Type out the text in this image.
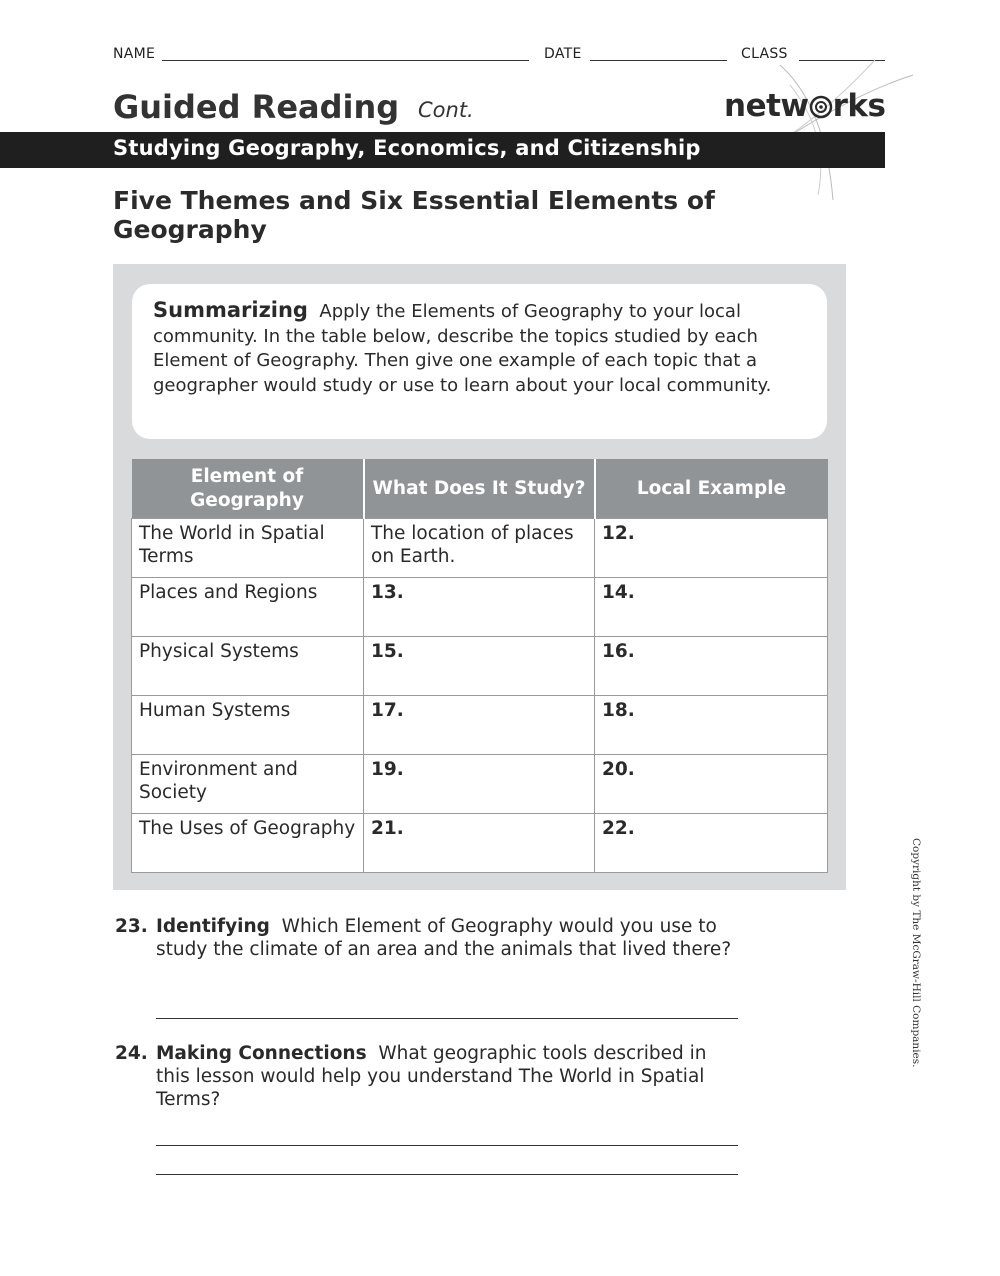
NAME	DATE	CLASS
Guided Reading Cont.	netw rks
Studying Geography, Economics, and Citizenship
Five Themes and Six Essential Elements of Geography
Summarizing Apply the Elements of Geography to your local community. In the table below, describe the topics studied by each Element of Geography. Then give one example of each topic that a geographer would study or use to learn about your local community.
Element of Geography	What Does It Study?	Local Example
The World in Spatial Terms	The location of places on Earth.	12.
Places and Regions	13.	14.
Physical Systems	15.	16.
Human Systems	17.	18.
Environment and Society	19.	20.
The Uses of Geography	21.	22.
Copyright by The McGraw-Hill Companies.
23. Identifying Which Element of Geography would you use to study the climate of an area and the animals that lived there?
24. Making Connections What geographic tools described in this lesson would help you understand The World in Spatial Terms?
